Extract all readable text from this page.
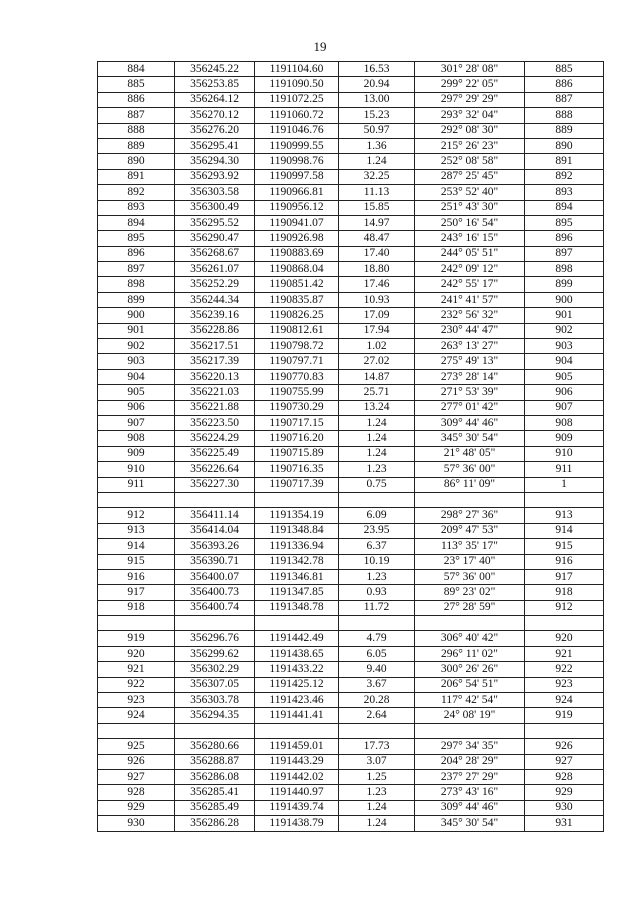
19
884	356245.22	1191104.60	16.53	301° 28' 08"	885
885	356253.85	1191090.50	20.94	299° 22' 05"	886
886	356264.12	1191072.25	13.00	297° 29' 29"	887
887	356270.12	1191060.72	15.23	293° 32' 04"	888
888	356276.20	1191046.76	50.97	292° 08' 30"	889
889	356295.41	1190999.55	1.36	215° 26' 23"	890
890	356294.30	1190998.76	1.24	252° 08' 58"	891
891	356293.92	1190997.58	32.25	287° 25' 45"	892
892	356303.58	1190966.81	11.13	253° 52' 40"	893
893	356300.49	1190956.12	15.85	251° 43' 30"	894
894	356295.52	1190941.07	14.97	250° 16' 54"	895
895	356290.47	1190926.98	48.47	243° 16' 15"	896
896	356268.67	1190883.69	17.40	244° 05' 51"	897
897	356261.07	1190868.04	18.80	242° 09' 12"	898
898	356252.29	1190851.42	17.46	242° 55' 17"	899
899	356244.34	1190835.87	10.93	241° 41' 57"	900
900	356239.16	1190826.25	17.09	232° 56' 32"	901
901	356228.86	1190812.61	17.94	230° 44' 47"	902
902	356217.51	1190798.72	1.02	263° 13' 27"	903
903	356217.39	1190797.71	27.02	275° 49' 13"	904
904	356220.13	1190770.83	14.87	273° 28' 14"	905
905	356221.03	1190755.99	25.71	271° 53' 39"	906
906	356221.88	1190730.29	13.24	277° 01' 42"	907
907	356223.50	1190717.15	1.24	309° 44' 46"	908
908	356224.29	1190716.20	1.24	345° 30' 54"	909
909	356225.49	1190715.89	1.24	21° 48' 05"	910
910	356226.64	1190716.35	1.23	57° 36' 00"	911
911	356227.30	1190717.39	0.75	86° 11' 09"	1

912	356411.14	1191354.19	6.09	298° 27' 36"	913
913	356414.04	1191348.84	23.95	209° 47' 53"	914
914	356393.26	1191336.94	6.37	113° 35' 17"	915
915	356390.71	1191342.78	10.19	23° 17' 40"	916
916	356400.07	1191346.81	1.23	57° 36' 00"	917
917	356400.73	1191347.85	0.93	89° 23' 02"	918
918	356400.74	1191348.78	11.72	27° 28' 59"	912

919	356296.76	1191442.49	4.79	306° 40' 42"	920
920	356299.62	1191438.65	6.05	296° 11' 02"	921
921	356302.29	1191433.22	9.40	300° 26' 26"	922
922	356307.05	1191425.12	3.67	206° 54' 51"	923
923	356303.78	1191423.46	20.28	117° 42' 54"	924
924	356294.35	1191441.41	2.64	24° 08' 19"	919

925	356280.66	1191459.01	17.73	297° 34' 35"	926
926	356288.87	1191443.29	3.07	204° 28' 29"	927
927	356286.08	1191442.02	1.25	237° 27' 29"	928
928	356285.41	1191440.97	1.23	273° 43' 16"	929
929	356285.49	1191439.74	1.24	309° 44' 46"	930
930	356286.28	1191438.79	1.24	345° 30' 54"	931
